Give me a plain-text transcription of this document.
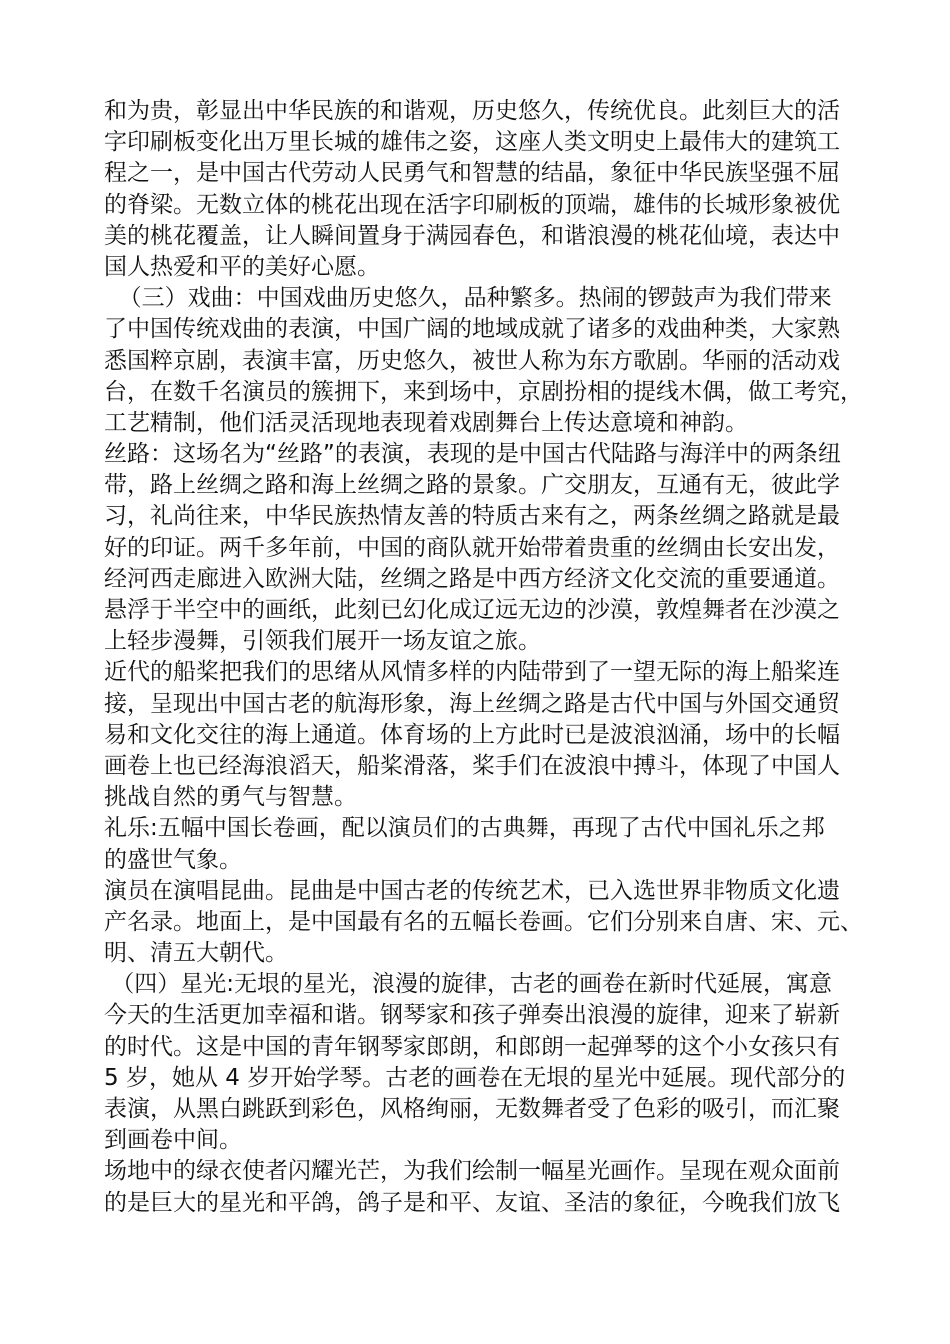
和为贵，彰显出中华民族的和谐观，历史悠久，传统优良。此刻巨大的活
字印刷板变化出万里长城的雄伟之姿，这座人类文明史上最伟大的建筑工
程之一，是中国古代劳动人民勇气和智慧的结晶，象征中华民族坚强不屈
的脊梁。无数立体的桃花出现在活字印刷板的顶端，雄伟的长城形象被优
美的桃花覆盖，让人瞬间置身于满园春色，和谐浪漫的桃花仙境，表达中
国人热爱和平的美好心愿。
（三）戏曲：中国戏曲历史悠久，品种繁多。热闹的锣鼓声为我们带来
了中国传统戏曲的表演，中国广阔的地域成就了诸多的戏曲种类，大家熟
悉国粹京剧，表演丰富，历史悠久，被世人称为东方歌剧。华丽的活动戏
台，在数千名演员的簇拥下，来到场中，京剧扮相的提线木偶，做工考究，
工艺精制，他们活灵活现地表现着戏剧舞台上传达意境和神韵。
丝路：这场名为“丝路”的表演，表现的是中国古代陆路与海洋中的两条纽
带，路上丝绸之路和海上丝绸之路的景象。广交朋友，互通有无，彼此学
习，礼尚往来，中华民族热情友善的特质古来有之，两条丝绸之路就是最
好的印证。两千多年前，中国的商队就开始带着贵重的丝绸由长安出发，
经河西走廊进入欧洲大陆，丝绸之路是中西方经济文化交流的重要通道。
悬浮于半空中的画纸，此刻已幻化成辽远无边的沙漠，敦煌舞者在沙漠之
上轻步漫舞，引领我们展开一场友谊之旅。
近代的船桨把我们的思绪从风情多样的内陆带到了一望无际的海上船桨连
接，呈现出中国古老的航海形象，海上丝绸之路是古代中国与外国交通贸
易和文化交往的海上通道。体育场的上方此时已是波浪汹涌，场中的长幅
画卷上也已经海浪滔天，船桨滑落，桨手们在波浪中搏斗，体现了中国人
挑战自然的勇气与智慧。
礼乐:五幅中国长卷画，配以演员们的古典舞，再现了古代中国礼乐之邦
的盛世气象。
演员在演唱昆曲。昆曲是中国古老的传统艺术，已入选世界非物质文化遗
产名录。地面上，是中国最有名的五幅长卷画。它们分别来自唐、宋、元、
明、清五大朝代。
（四）星光:无垠的星光，浪漫的旋律，古老的画卷在新时代延展，寓意
今天的生活更加幸福和谐。钢琴家和孩子弹奏出浪漫的旋律，迎来了崭新
的时代。这是中国的青年钢琴家郎朗，和郎朗一起弹琴的这个小女孩只有
5 岁，她从 4 岁开始学琴。古老的画卷在无垠的星光中延展。现代部分的
表演，从黑白跳跃到彩色，风格绚丽，无数舞者受了色彩的吸引，而汇聚
到画卷中间。
场地中的绿衣使者闪耀光芒，为我们绘制一幅星光画作。呈现在观众面前
的是巨大的星光和平鸽，鸽子是和平、友谊、圣洁的象征，今晚我们放飞
